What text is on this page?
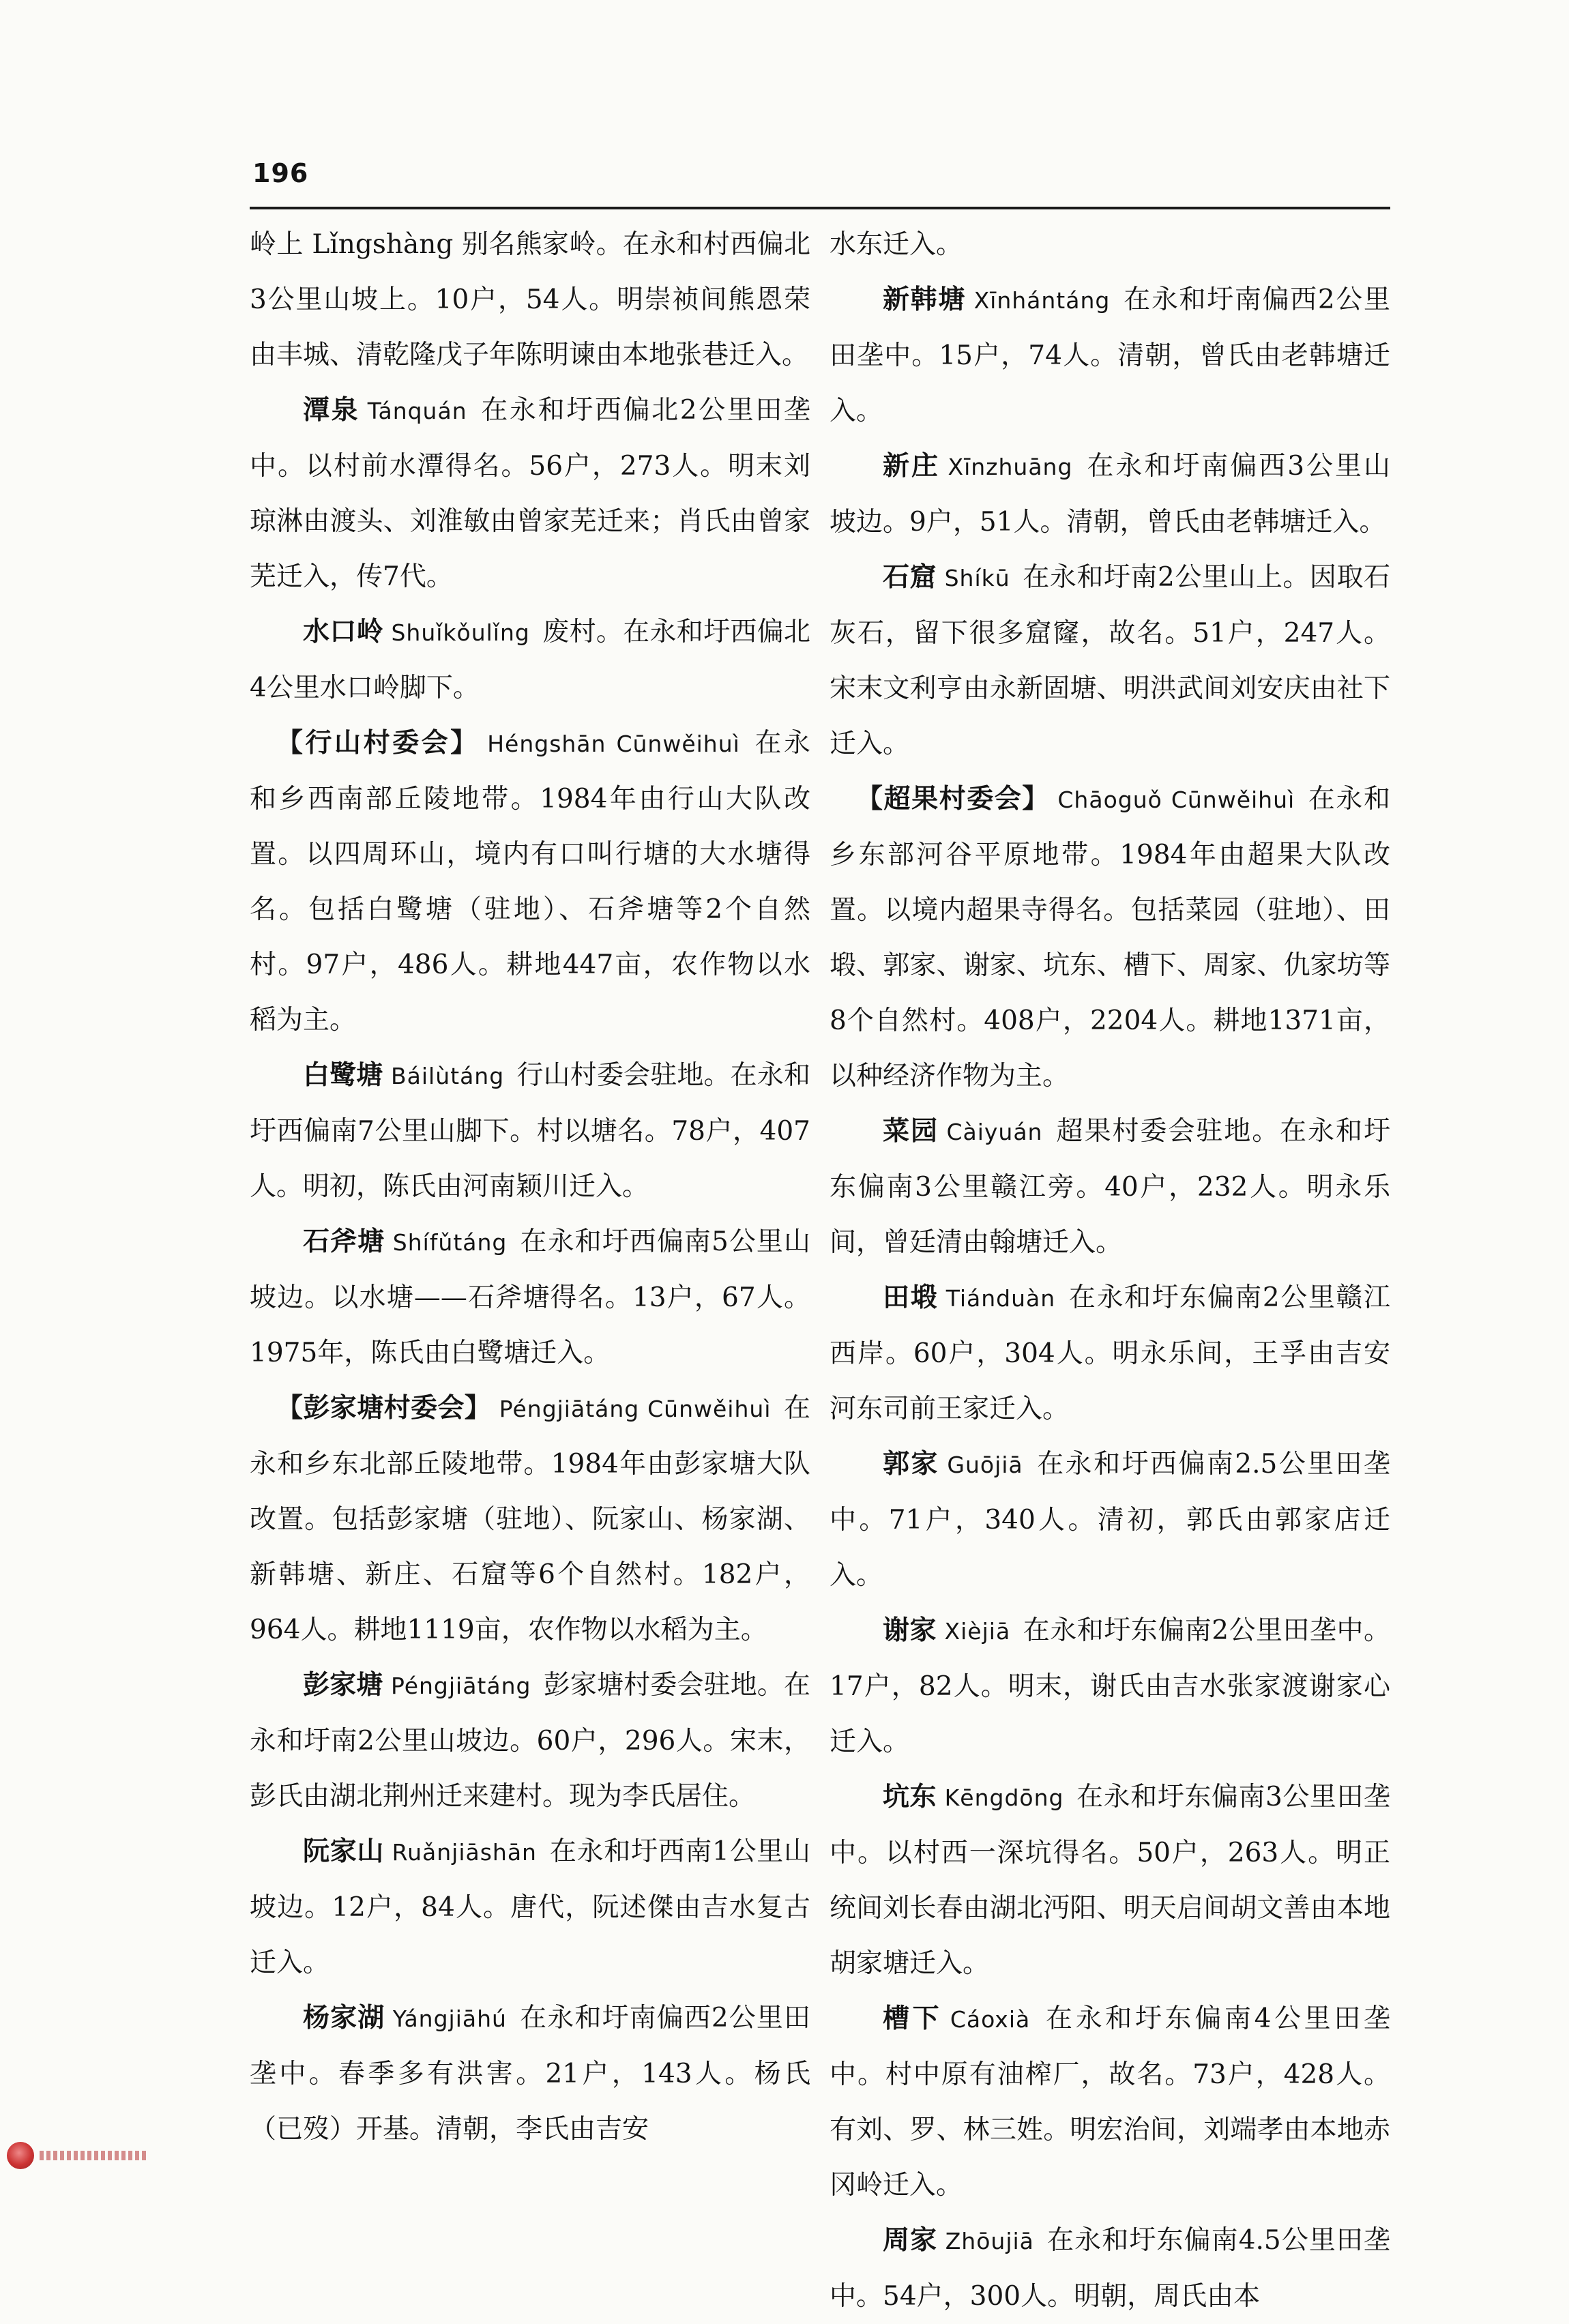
196

岭上 Lǐngshàng 别名熊家岭。在永和村西偏北3公里山坡上。10户，54人。明崇祯间熊恩荣由丰城、清乾隆戊子年陈明谏由本地张巷迁入。

潭泉 Tánquán 在永和圩西偏北2公里田垄中。以村前水潭得名。56户，273人。明末刘琼淋由渡头、刘淮敏由曾家芜迁来；肖氏由曾家芜迁入，传7代。

水口岭 Shuǐkǒulǐng 废村。在永和圩西偏北4公里水口岭脚下。

【行山村委会】 Héngshān Cūnwěihuì 在永和乡西南部丘陵地带。1984年由行山大队改置。以四周环山，境内有口叫行塘的大水塘得名。包括白鹭塘（驻地）、石斧塘等2个自然村。97户，486人。耕地447亩，农作物以水稻为主。

白鹭塘 Báilùtáng 行山村委会驻地。在永和圩西偏南7公里山脚下。村以塘名。78户，407人。明初，陈氏由河南颖川迁入。

石斧塘 Shífǔtáng 在永和圩西偏南5公里山坡边。以水塘——石斧塘得名。13户，67人。1975年，陈氏由白鹭塘迁入。

【彭家塘村委会】 Péngjiātáng Cūnwěihuì 在永和乡东北部丘陵地带。1984年由彭家塘大队改置。包括彭家塘（驻地）、阮家山、杨家湖、新韩塘、新庄、石窟等6个自然村。182户，964人。耕地1119亩，农作物以水稻为主。

彭家塘 Péngjiātáng 彭家塘村委会驻地。在永和圩南2公里山坡边。60户，296人。宋末，彭氏由湖北荆州迁来建村。现为李氏居住。

阮家山 Ruǎnjiāshān 在永和圩西南1公里山坡边。12户，84人。唐代，阮述傑由吉水复古迁入。

杨家湖 Yángjiāhú 在永和圩南偏西2公里田垄中。春季多有洪害。21户，143人。杨氏（已歿）开基。清朝，李氏由吉安

水东迁入。

新韩塘 Xīnhántáng 在永和圩南偏西2公里田垄中。15户，74人。清朝，曾氏由老韩塘迁入。

新庄 Xīnzhuāng 在永和圩南偏西3公里山坡边。9户，51人。清朝，曾氏由老韩塘迁入。

石窟 Shíkū 在永和圩南2公里山上。因取石灰石，留下很多窟窿，故名。51户，247人。宋末文利亨由永新固塘、明洪武间刘安庆由社下迁入。

【超果村委会】 Chāoguǒ Cūnwěihuì 在永和乡东部河谷平原地带。1984年由超果大队改置。以境内超果寺得名。包括菜园（驻地）、田塅、郭家、谢家、坑东、槽下、周家、仇家坊等8个自然村。408户，2204人。耕地1371亩，以种经济作物为主。

菜园 Càiyuán 超果村委会驻地。在永和圩东偏南3公里赣江旁。40户，232人。明永乐间，曾廷清由翰塘迁入。

田塅 Tiánduàn 在永和圩东偏南2公里赣江西岸。60户，304人。明永乐间，王孚由吉安河东司前王家迁入。

郭家 Guōjiā 在永和圩西偏南2.5公里田垄中。71户，340人。清初，郭氏由郭家店迁入。

谢家 Xièjiā 在永和圩东偏南2公里田垄中。17户，82人。明末，谢氏由吉水张家渡谢家心迁入。

坑东 Kēngdōng 在永和圩东偏南3公里田垄中。以村西一深坑得名。50户，263人。明正统间刘长春由湖北沔阳、明天启间胡文善由本地胡家塘迁入。

槽下 Cáoxià 在永和圩东偏南4公里田垄中。村中原有油榨厂，故名。73户，428人。有刘、罗、林三姓。明宏治间，刘端孝由本地赤冈岭迁入。

周家 Zhōujiā 在永和圩东偏南4.5公里田垄中。54户，300人。明朝，周氏由本
